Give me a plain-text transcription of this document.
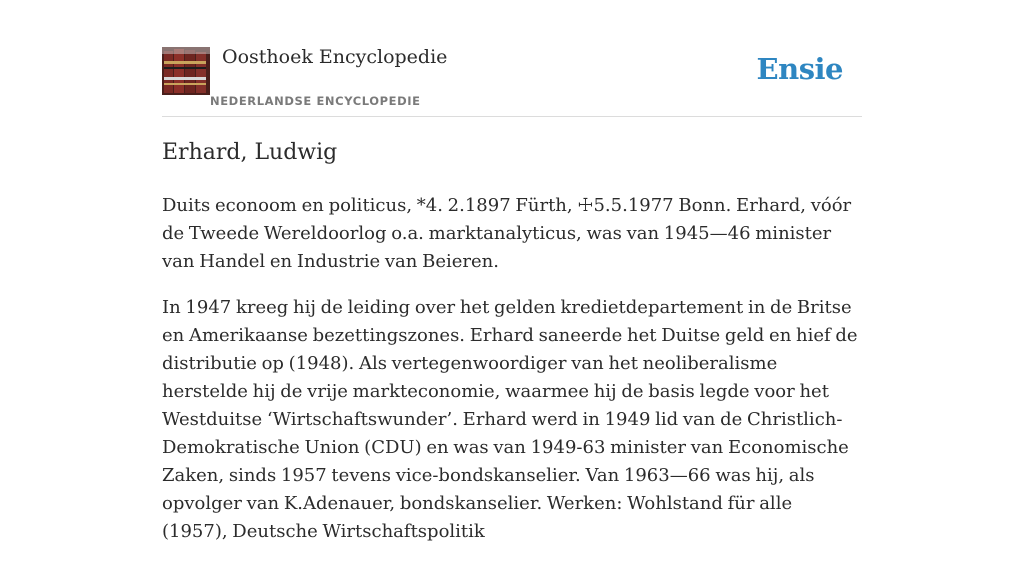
Oosthoek Encyclopedie
NEDERLANDSE ENCYCLOPEDIE
Ensie
Erhard, Ludwig

Duits econoom en politicus, *4. 2.1897 Fürth, ☩5.5.1977 Bonn. Erhard, vóór de Tweede Wereldoorlog o.a. marktanalyticus, was van 1945—46 minister van Handel en Industrie van Beieren.

In 1947 kreeg hij de leiding over het gelden kredietdepartement in de Britse en Amerikaanse bezettingszones. Erhard saneerde het Duitse geld en hief de distributie op (1948). Als vertegenwoordiger van het neoliberalisme herstelde hij de vrije markteconomie, waarmee hij de basis legde voor het Westduitse ‘Wirtschaftswunder’. Erhard werd in 1949 lid van de Christlich-Demokratische Union (CDU) en was van 1949-63 minister van Economische Zaken, sinds 1957 tevens vice-bondskanselier. Van 1963—66 was hij, als opvolger van K.Adenauer, bondskanselier. Werken: Wohlstand für alle (1957), Deutsche Wirtschaftspolitik
